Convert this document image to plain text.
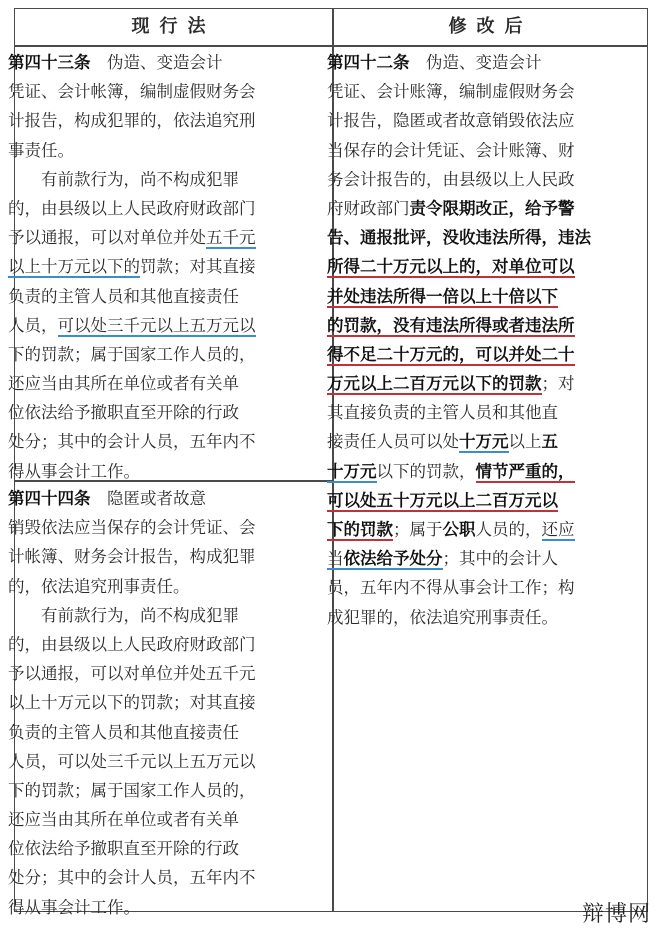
现行法	修改后
第四十三条　伪造、变造会计
凭证、会计帐簿，编制虚假财务会
计报告，构成犯罪的，依法追究刑
事责任。
　　有前款行为，尚不构成犯罪
的，由县级以上人民政府财政部门
予以通报，可以对单位并处五千元
以上十万元以下的罚款；对其直接
负责的主管人员和其他直接责任
人员，可以处三千元以上五万元以
下的罚款；属于国家工作人员的，
还应当由其所在单位或者有关单
位依法给予撤职直至开除的行政
处分；其中的会计人员，五年内不
得从事会计工作。
第四十四条　隐匿或者故意
销毁依法应当保存的会计凭证、会
计帐簿、财务会计报告，构成犯罪
的，依法追究刑事责任。
　　有前款行为，尚不构成犯罪
的，由县级以上人民政府财政部门
予以通报，可以对单位并处五千元
以上十万元以下的罚款；对其直接
负责的主管人员和其他直接责任
人员，可以处三千元以上五万元以
下的罚款；属于国家工作人员的，
还应当由其所在单位或者有关单
位依法给予撤职直至开除的行政
处分；其中的会计人员，五年内不
得从事会计工作。
第四十二条　伪造、变造会计
凭证、会计账簿，编制虚假财务会
计报告，隐匿或者故意销毁依法应
当保存的会计凭证、会计账簿、财
务会计报告的，由县级以上人民政
府财政部门责令限期改正，给予警
告、通报批评，没收违法所得，违法
所得二十万元以上的，对单位可以
并处违法所得一倍以上十倍以下
的罚款，没有违法所得或者违法所
得不足二十万元的，可以并处二十
万元以上二百万元以下的罚款；对
其直接负责的主管人员和其他直
接责任人员可以处十万元以上五
十万元以下的罚款，情节严重的，
可以处五十万元以上二百万元以
下的罚款；属于公职人员的，还应
当依法给予处分；其中的会计人
员，五年内不得从事会计工作；构
成犯罪的，依法追究刑事责任。
辩博网
